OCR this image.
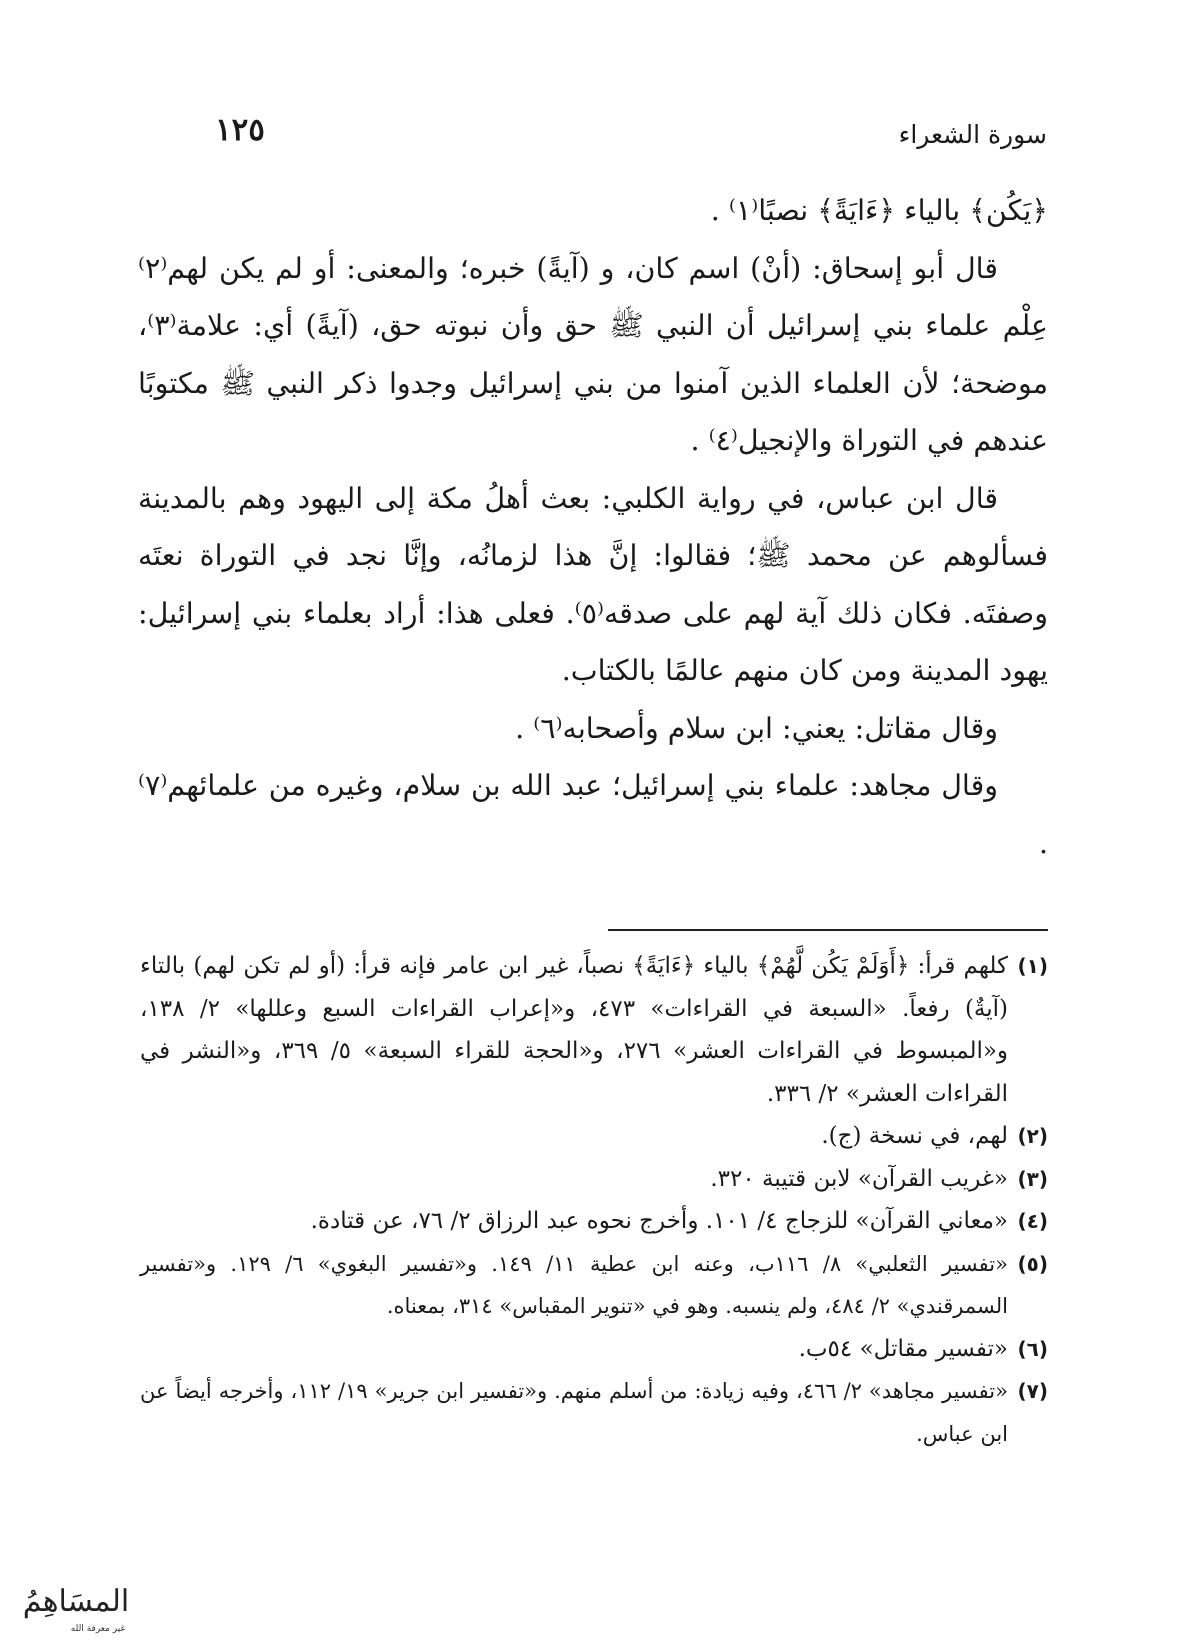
سورة الشعراء
١٢٥

﴿يَكُن﴾ بالياء ﴿ءَايَةً﴾ نصبًا⁽١⁾ .

قال أبو إسحاق: (أنْ) اسم كان، و (آيةً) خبره؛ والمعنى: أو لم يكن لهم⁽٢⁾ عِلْم علماء بني إسرائيل أن النبي ﷺ حق وأن نبوته حق، (آيةً) أي: علامة⁽٣⁾، موضحة؛ لأن العلماء الذين آمنوا من بني إسرائيل وجدوا ذكر النبي ﷺ مكتوبًا عندهم في التوراة والإنجيل⁽٤⁾ .

قال ابن عباس، في رواية الكلبي: بعث أهلُ مكة إلى اليهود وهم بالمدينة فسألوهم عن محمد ﷺ؛ فقالوا: إنَّ هذا لزمانُه، وإنَّا نجد في التوراة نعتَه وصفتَه. فكان ذلك آية لهم على صدقه⁽٥⁾. فعلى هذا: أراد بعلماء بني إسرائيل: يهود المدينة ومن كان منهم عالمًا بالكتاب.

وقال مقاتل: يعني: ابن سلام وأصحابه⁽٦⁾ .

وقال مجاهد: علماء بني إسرائيل؛ عبد الله بن سلام، وغيره من علمائهم⁽٧⁾ .

(١)
كلهم قرأ: ﴿أَوَلَمْ يَكُن لَّهُمْ﴾ بالياء ﴿ءَايَةً﴾ نصباً، غير ابن عامر فإنه قرأ: (أو لم تكن لهم) بالتاء (آيةٌ) رفعاً. «السبعة في القراءات» ٤٧٣، و«إعراب القراءات السبع وعللها» ٢/ ١٣٨، و«المبسوط في القراءات العشر» ٢٧٦، و«الحجة للقراء السبعة» ٥/ ٣٦٩، و«النشر في القراءات العشر» ٢/ ٣٣٦.
(٢)
لهم، في نسخة (ج).
(٣)
«غريب القرآن» لابن قتيبة ٣٢٠.
(٤)
«معاني القرآن» للزجاج ٤/ ١٠١. وأخرج نحوه عبد الرزاق ٢/ ٧٦، عن قتادة.
(٥)
«تفسير الثعلبي» ٨/ ١١٦ب، وعنه ابن عطية ١١/ ١٤٩. و«تفسير البغوي» ٦/ ١٢٩. و«تفسير السمرقندي» ٢/ ٤٨٤، ولم ينسبه. وهو في «تنوير المقباس» ٣١٤، بمعناه.
(٦)
«تفسير مقاتل» ٥٤ب.
(٧)
«تفسير مجاهد» ٢/ ٤٦٦، وفيه زيادة: من أسلم منهم. و«تفسير ابن جرير» ١٩/ ١١٢، وأخرجه أيضاً عن ابن عباس.
المسَاهِمُ
غير معرفة الله
